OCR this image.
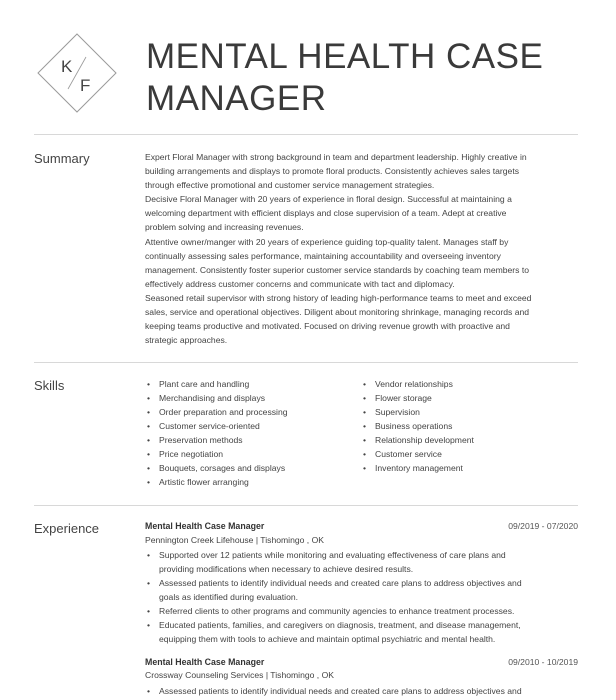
K
F
MENTAL HEALTH CASE
MANAGER
Summary	Expert Floral Manager with strong background in team and department leadership. Highly creative in
building arrangements and displays to promote floral products. Consistently achieves sales targets
through effective promotional and customer service management strategies.
Decisive Floral Manager with 20 years of experience in floral design. Successful at maintaining a
welcoming department with efficient displays and close supervision of a team. Adept at creative
problem solving and increasing revenues.
Attentive owner/manger with 20 years of experience guiding top-quality talent. Manages staff by
continually assessing sales performance, maintaining accountability and overseeing inventory
management. Consistently foster superior customer service standards by coaching team members to
effectively address customer concerns and communicate with tact and diplomacy.
Seasoned retail supervisor with strong history of leading high-performance teams to meet and exceed
sales, service and operational objectives. Diligent about monitoring shrinkage, managing records and
keeping teams productive and motivated. Focused on driving revenue growth with proactive and
strategic approaches.
Skills
•	Plant care and handling
• Merchandising and displays
• Order preparation and processing
• Customer service-oriented
• Preservation methods
• Price negotiation
• Bouquets, corsages and displays
• Artistic flower arranging
• Vendor relationships
• Flower storage
• Supervision
• Business operations
• Relationship development
• Customer service
• Inventory management
Experience	Mental Health Case Manager	09/2019 - 07/2020
Pennington Creek Lifehouse | Tishomingo , OK
• Supported over 12 patients while monitoring and evaluating effectiveness of care plans and
providing modifications when necessary to achieve desired results.
• Assessed patients to identify individual needs and created care plans to address objectives and
goals as identified during evaluation.
• Referred clients to other programs and community agencies to enhance treatment processes.
• Educated patients, families, and caregivers on diagnosis, treatment, and disease management,
equipping them with tools to achieve and maintain optimal psychiatric and mental health.
Mental Health Case Manager	09/2010 - 10/2019
Crossway Counseling Services | Tishomingo , OK
• Assessed patients to identify individual needs and created care plans to address objectives and
